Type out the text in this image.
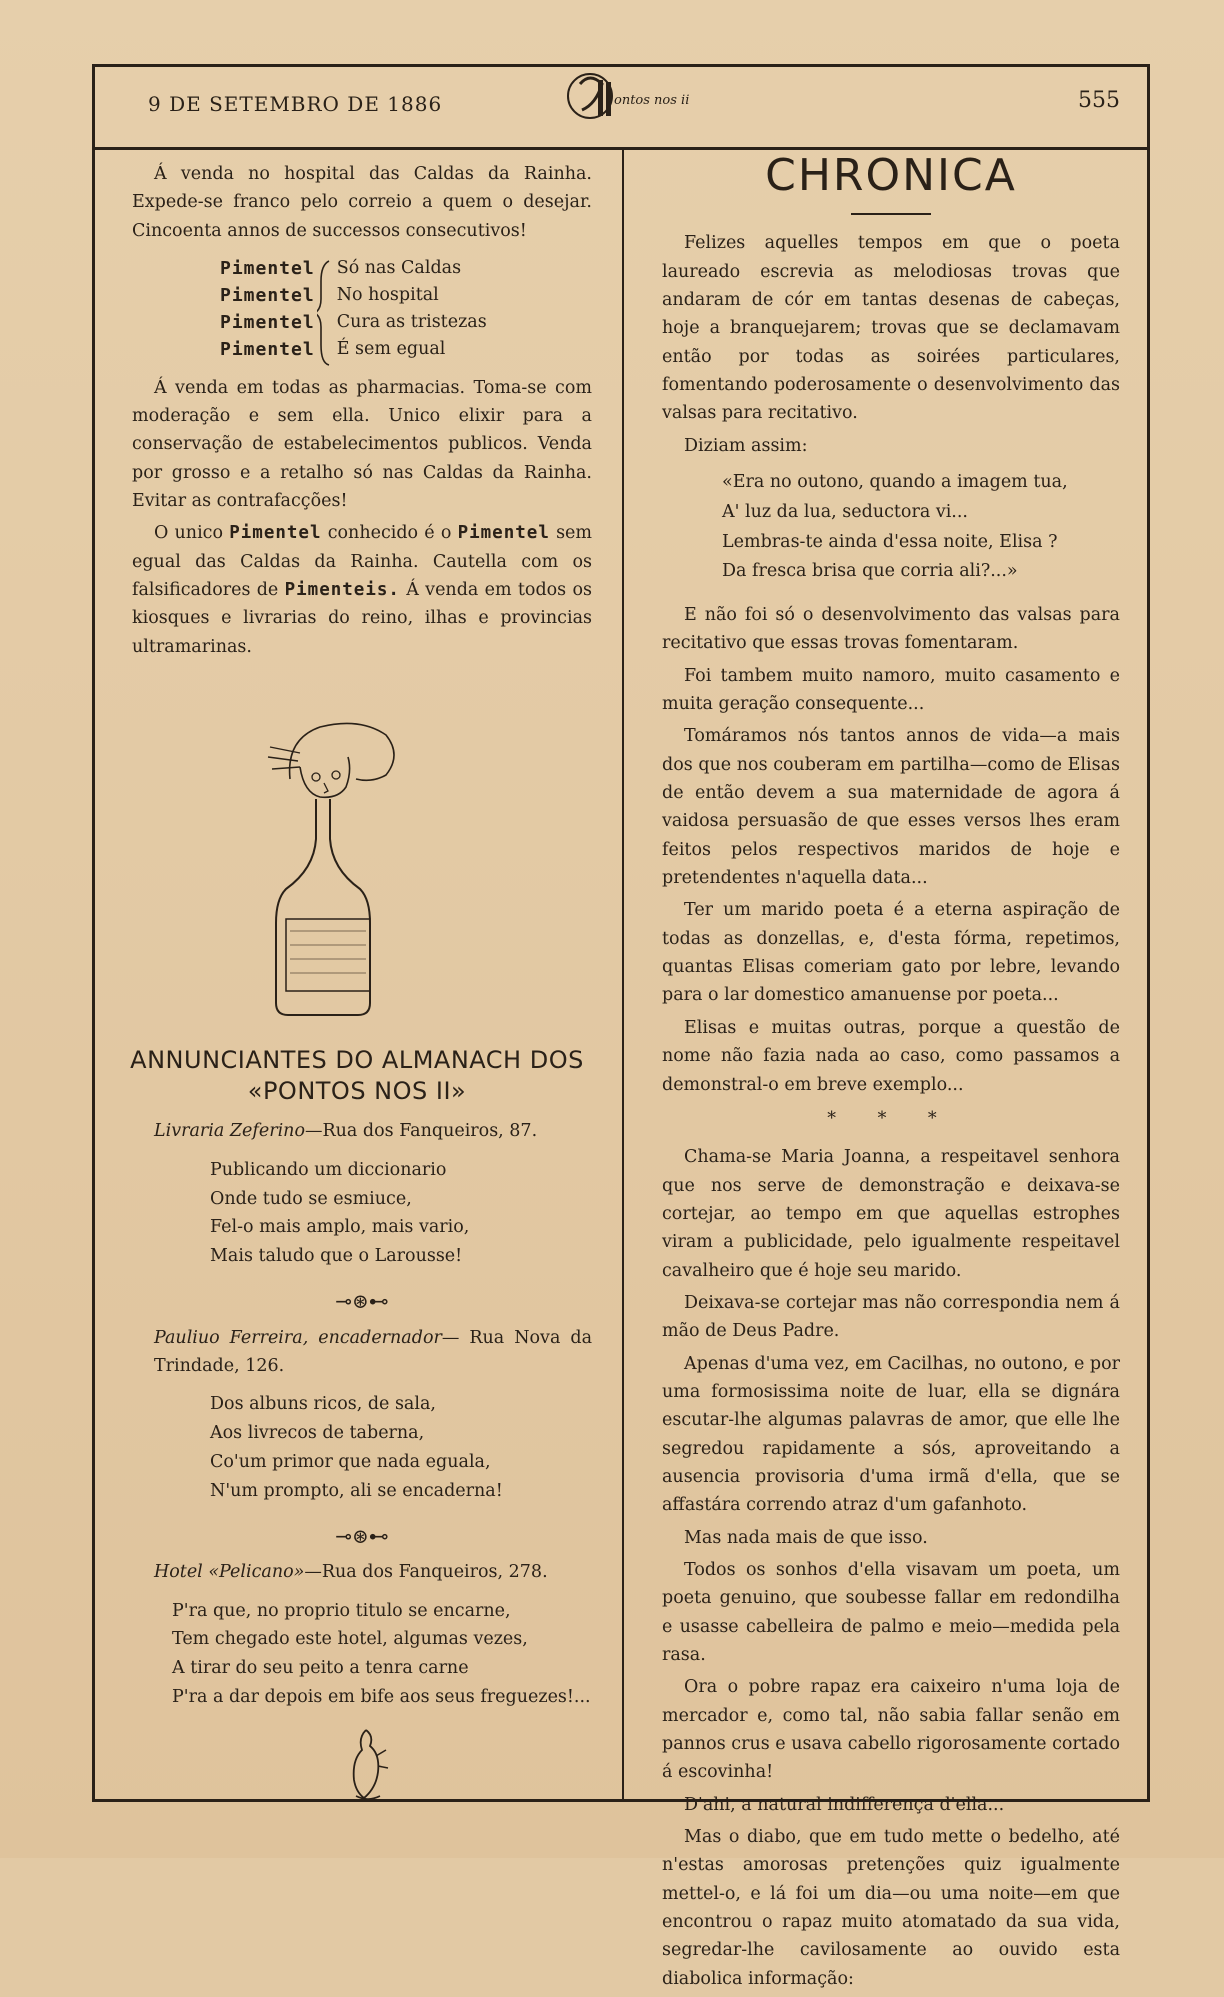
9 DE SETEMBRO DE 1886	ontos nos ii	555

Á venda no hospital das Caldas da Rainha. Expede-se franco pelo correio a quem o desejar. Cincoenta annos de successos consecutivos!

Pimentel
Pimentel
Pimentel
Pimentel
Só nas Caldas
No hospital
Cura as tristezas
É sem egual

Á venda em todas as pharmacias. Toma-se com moderação e sem ella. Unico elixir para a conservação de estabelecimentos publicos. Venda por grosso e a retalho só nas Caldas da Rainha. Evitar as contrafacções!

O unico Pimentel conhecido é o Pimentel sem egual das Caldas da Rainha. Cautella com os falsificadores de Pimenteis. Á venda em todos os kiosques e livrarias do reino, ilhas e provincias ultramarinas.

ANNUNCIANTES DO ALMANACH DOS
«PONTOS NOS II»

Livraria Zeferino—Rua dos Fanqueiros, 87.

Publicando um diccionario
Onde tudo se esmiuce,
Fel-o mais amplo, mais vario,
Mais taludo que o Larousse!
⊸⊛⊷

Pauliuo Ferreira, encadernador— Rua Nova da Trindade, 126.

Dos albuns ricos, de sala,
Aos livrecos de taberna,
Co'um primor que nada eguala,
N'um prompto, ali se encaderna!
⊸⊛⊷

Hotel «Pelicano»—Rua dos Fanqueiros, 278.

P'ra que, no proprio titulo se encarne,
Tem chegado este hotel, algumas vezes,
A tirar do seu peito a tenra carne
P'ra a dar depois em bife aos seus freguezes!...
CHRONICA

Felizes aquelles tempos em que o poeta laureado escrevia as melodiosas trovas que andaram de cór em tantas desenas de cabeças, hoje a branquejarem; trovas que se declamavam então por todas as soirées particulares, fomentando poderosamente o desenvolvimento das valsas para recitativo.

Diziam assim:

«Era no outono, quando a imagem tua,
A' luz da lua, seductora vi...
Lembras-te ainda d'essa noite, Elisa ?
Da fresca brisa que corria ali?...»

E não foi só o desenvolvimento das valsas para recitativo que essas trovas fomentaram.

Foi tambem muito namoro, muito casamento e muita geração consequente...

Tomáramos nós tantos annos de vida—a mais dos que nos couberam em partilha—como de Elisas de então devem a sua maternidade de agora á vaidosa persuasão de que esses versos lhes eram feitos pelos respectivos maridos de hoje e pretendentes n'aquella data...

Ter um marido poeta é a eterna aspiração de todas as donzellas, e, d'esta fórma, repetimos, quantas Elisas comeriam gato por lebre, levando para o lar domestico amanuense por poeta...

Elisas e muitas outras, porque a questão de nome não fazia nada ao caso, como passamos a demonstral-o em breve exemplo...

* * *

Chama-se Maria Joanna, a respeitavel senhora que nos serve de demonstração e deixava-se cortejar, ao tempo em que aquellas estrophes viram a publicidade, pelo igualmente respeitavel cavalheiro que é hoje seu marido.

Deixava-se cortejar mas não correspondia nem á mão de Deus Padre.

Apenas d'uma vez, em Cacilhas, no outono, e por uma formosissima noite de luar, ella se dignára escutar-lhe algumas palavras de amor, que elle lhe segredou rapidamente a sós, aproveitando a ausencia provisoria d'uma irmã d'ella, que se affastára correndo atraz d'um gafanhoto.

Mas nada mais de que isso.

Todos os sonhos d'ella visavam um poeta, um poeta genuino, que soubesse fallar em redondilha e usasse cabelleira de palmo e meio—medida pela rasa.

Ora o pobre rapaz era caixeiro n'uma loja de mercador e, como tal, não sabia fallar senão em pannos crus e usava cabello rigorosamente cortado á escovinha!

D'ahi, a natural indifferença d'ella...

Mas o diabo, que em tudo mette o bedelho, até n'estas amorosas pretenções quiz igualmente mettel-o, e lá foi um dia—ou uma noite—em que encontrou o rapaz muito atomatado da sua vida, segredar-lhe cavilosamente ao ouvido esta diabolica informação:
